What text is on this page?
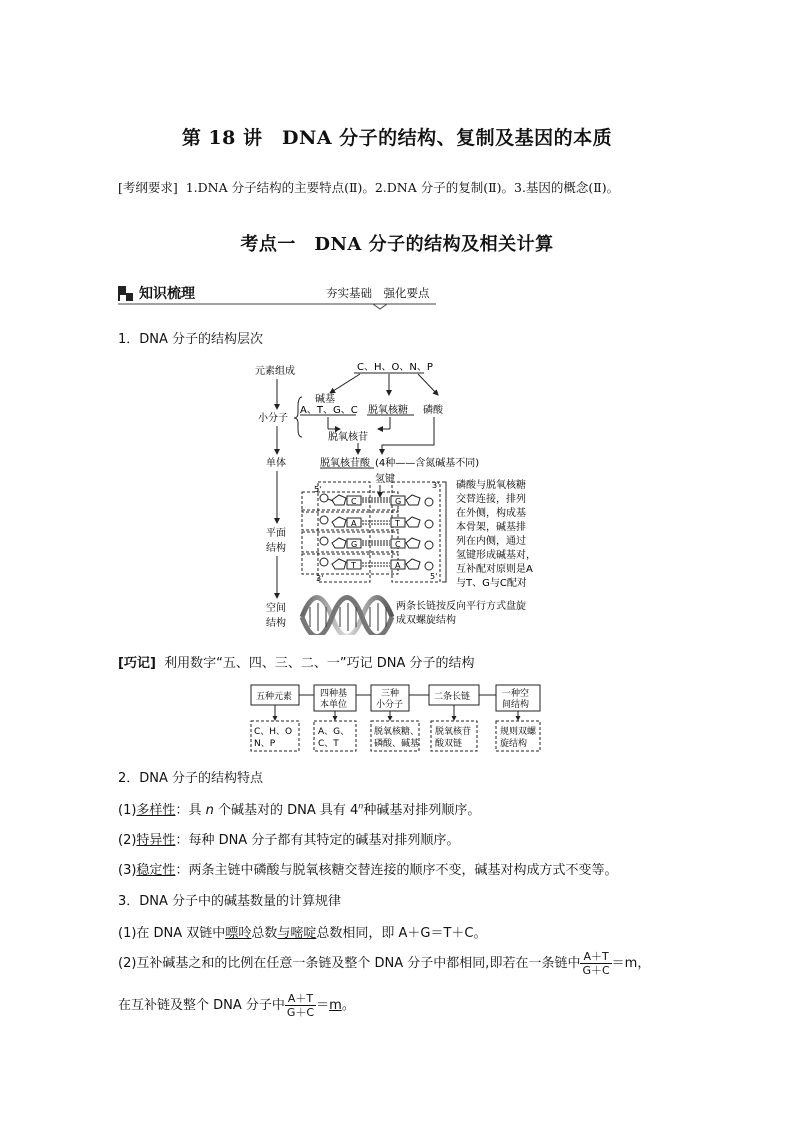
第 18 讲　DNA 分子的结构、复制及基因的本质
[考纲要求] 1.DNA 分子结构的主要特点(Ⅱ)。2.DNA 分子的复制(Ⅱ)。3.基因的概念(Ⅱ)。
考点一　DNA 分子的结构及相关计算
知识梳理	夯实基础　强化要点
1．DNA 分子的结构层次
元素组成
小分子
单体
平面
结构
空间
结构
C、H、O、N、P
碱基
A、T、G、C 脱氧核糖 磷酸
脱氧核苷
脱氧核苷酸 (4种——含氮碱基不同)
氢键
5'	3'
3'	5'
C	G
A	T
G	C
T	A
磷酸与脱氧核糖
交替连接，排列
在外侧，构成基
本骨架，碱基排
列在内侧，通过
氢键形成碱基对，
互补配对原则是A
与T、G与C配对
两条长链按反向平行方式盘旋
成双螺旋结构
[巧记] 利用数字“五、四、三、二、一”巧记 DNA 分子的结构
五种元素	四种基
本单位
三种
小分子
二条长链	一种空
间结构
C、H、O
N、P
A、G、
C、T
脱氧核糖、
磷酸、碱基
脱氧核苷
酸双链
规则双螺
旋结构
2．DNA 分子的结构特点
(1)多样性：具 n 个碱基对的 DNA 具有 4$^n$种碱基对排列顺序。
(2)特异性：每种 DNA 分子都有其特定的碱基对排列顺序。
(3)稳定性：两条主链中磷酸与脱氧核糖交替连接的顺序不变，碱基对构成方式不变等。
3．DNA 分子中的碱基数量的计算规律
(1)在 DNA 双链中嘌呤总数与嘧啶总数相同，即 A＋G＝T＋C。
(2)互补碱基之和的比例在任意一条链及整个 DNA 分子中都相同,即若在一条链中 $\frac{A+T}{G+C} =m$，
在互补链及整个 DNA 分子中 $\frac{A+T}{G+C} =m$。
